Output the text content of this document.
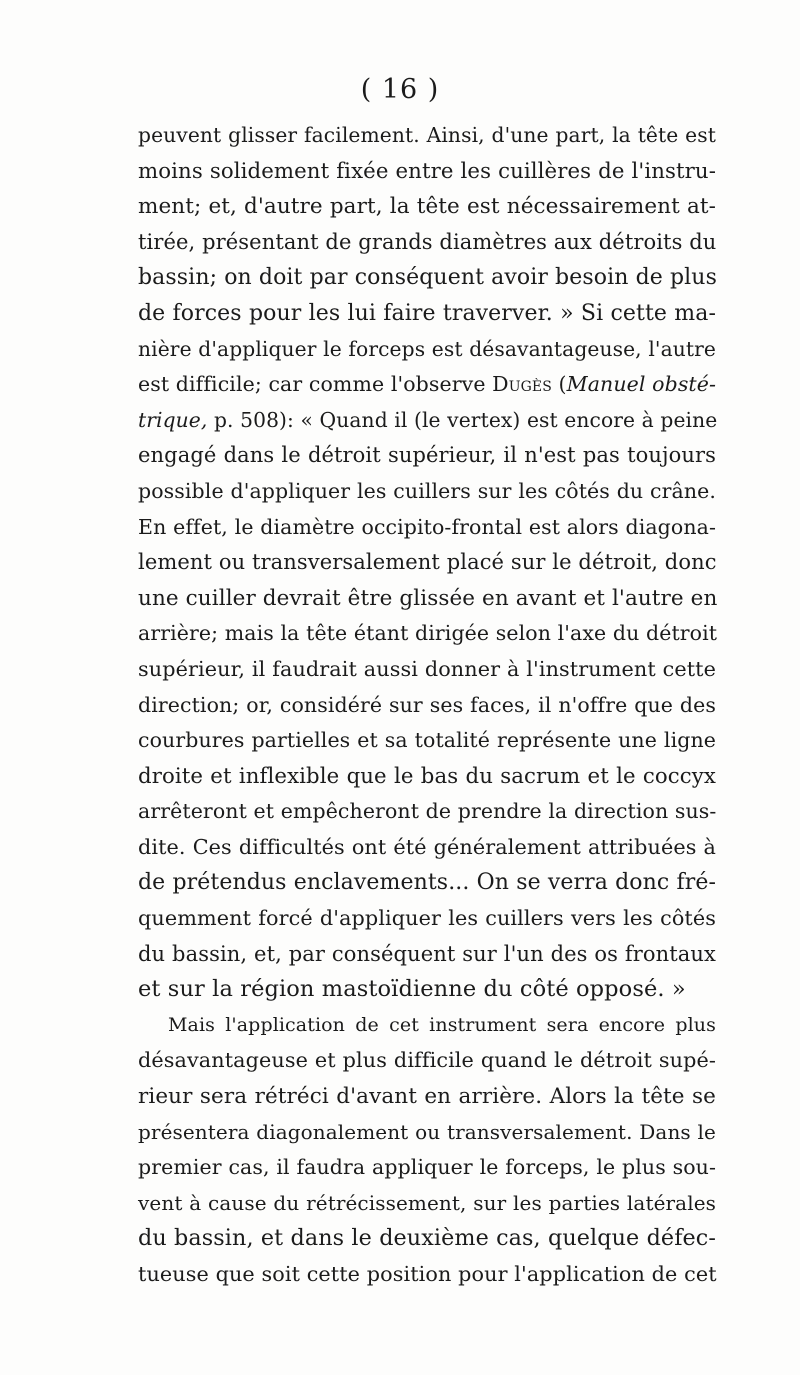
( 16 )
peuvent glisser facilement. Ainsi, d'une part, la tête est
moins solidement fixée entre les cuillères de l'instru-
ment; et, d'autre part, la tête est nécessairement at-
tirée, présentant de grands diamètres aux détroits du
bassin; on doit par conséquent avoir besoin de plus
de forces pour les lui faire traverver. » Si cette ma-
nière d'appliquer le forceps est désavantageuse, l'autre
est difficile; car comme l'observe Dugès (Manuel obsté-
trique, p. 508): « Quand il (le vertex) est encore à peine
engagé dans le détroit supérieur, il n'est pas toujours
possible d'appliquer les cuillers sur les côtés du crâne.
En effet, le diamètre occipito-frontal est alors diagona-
lement ou transversalement placé sur le détroit, donc
une cuiller devrait être glissée en avant et l'autre en
arrière; mais la tête étant dirigée selon l'axe du détroit
supérieur, il faudrait aussi donner à l'instrument cette
direction; or, considéré sur ses faces, il n'offre que des
courbures partielles et sa totalité représente une ligne
droite et inflexible que le bas du sacrum et le coccyx
arrêteront et empêcheront de prendre la direction sus-
dite. Ces difficultés ont été généralement attribuées à
de prétendus enclavements... On se verra donc fré-
quemment forcé d'appliquer les cuillers vers les côtés
du bassin, et, par conséquent sur l'un des os frontaux
et sur la région mastoïdienne du côté opposé. »
Mais l'application de cet instrument sera encore plus
désavantageuse et plus difficile quand le détroit supé-
rieur sera rétréci d'avant en arrière. Alors la tête se
présentera diagonalement ou transversalement. Dans le
premier cas, il faudra appliquer le forceps, le plus sou-
vent à cause du rétrécissement, sur les parties latérales
du bassin, et dans le deuxième cas, quelque défec-
tueuse que soit cette position pour l'application de cet
